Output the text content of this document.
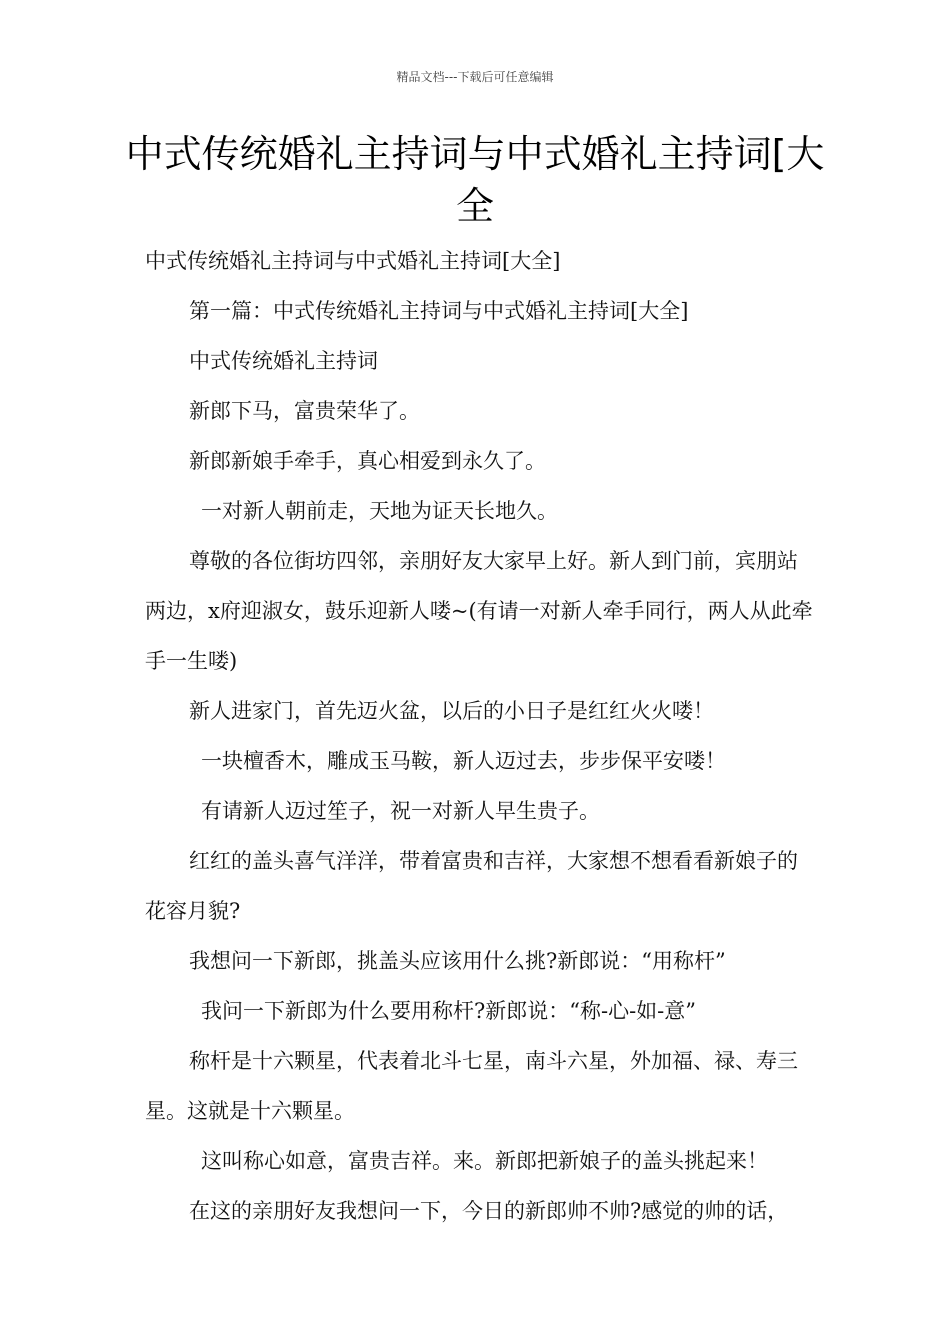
精品文档---下载后可任意编辑
中式传统婚礼主持词与中式婚礼主持词[大全

中式传统婚礼主持词与中式婚礼主持词[大全]

第一篇：中式传统婚礼主持词与中式婚礼主持词[大全]

中式传统婚礼主持词

新郎下马，富贵荣华了。

新郎新娘手牵手，真心相爱到永久了。

一对新人朝前走，天地为证天长地久。

尊敬的各位街坊四邻，亲朋好友大家早上好。新人到门前，宾朋站两边，x府迎淑女，鼓乐迎新人喽~(有请一对新人牵手同行，两人从此牵手一生喽)

新人进家门，首先迈火盆，以后的小日子是红红火火喽！

一块檀香木，雕成玉马鞍，新人迈过去，步步保平安喽！

有请新人迈过笙子，祝一对新人早生贵子。

红红的盖头喜气洋洋，带着富贵和吉祥，大家想不想看看新娘子的花容月貌?

我想问一下新郎，挑盖头应该用什么挑?新郎说：“用称杆”

我问一下新郎为什么要用称杆?新郎说：“称-心-如-意”

称杆是十六颗星，代表着北斗七星，南斗六星，外加福、禄、寿三星。这就是十六颗星。

这叫称心如意，富贵吉祥。来。新郎把新娘子的盖头挑起来！

在这的亲朋好友我想问一下，今日的新郎帅不帅?感觉的帅的话，
